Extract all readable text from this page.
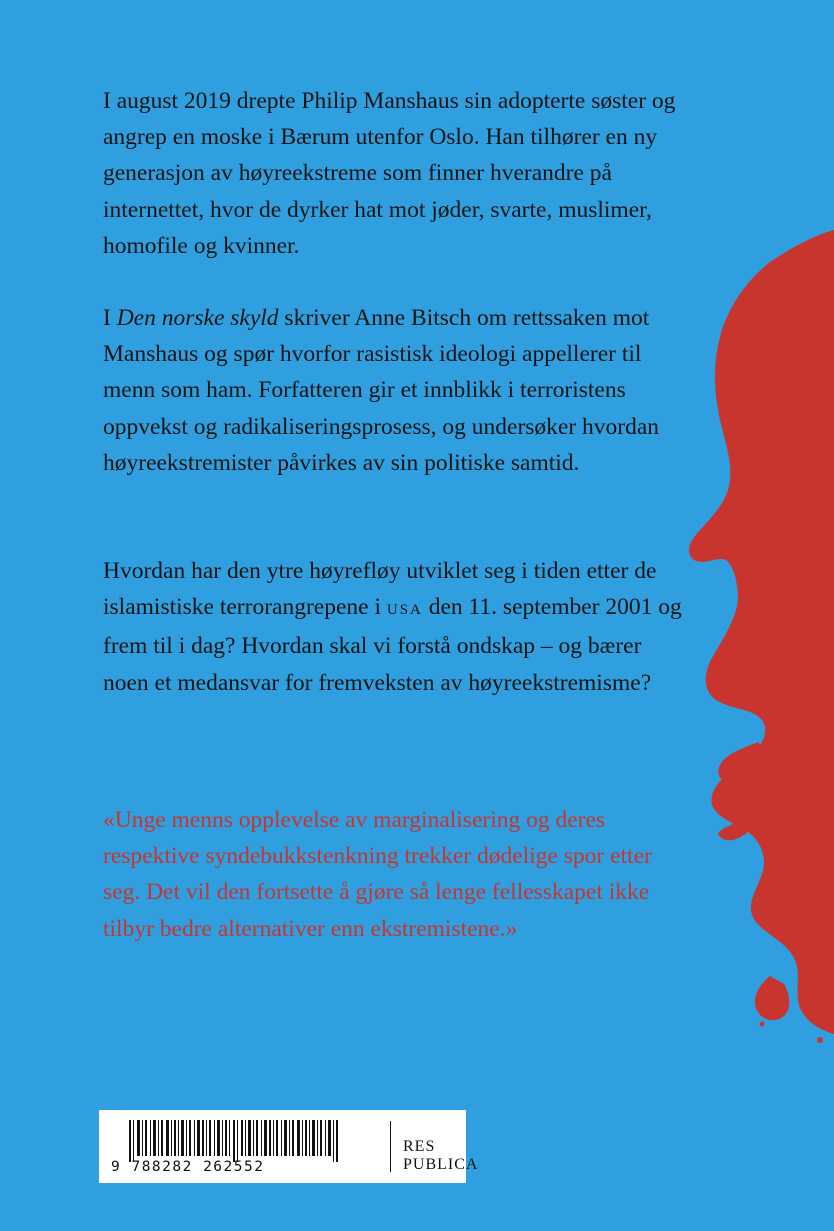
I august 2019 drepte Philip Manshaus sin adopterte søster og angrep en moske i Bærum utenfor Oslo. Han tilhører en ny generasjon av høyreekstreme som finner hverandre på internettet, hvor de dyrker hat mot jøder, svarte, muslimer, homofile og kvinner.

I Den norske skyld skriver Anne Bitsch om rettssaken mot Manshaus og spør hvorfor rasistisk ideologi appellerer til menn som ham. Forfatteren gir et innblikk i terroristens oppvekst og radikaliseringsprosess, og undersøker hvordan høyreekstremister påvirkes av sin politiske samtid.

Hvordan har den ytre høyrefløy utviklet seg i tiden etter de islamistiske terrorangrepene i USA den 11. september 2001 og frem til i dag? Hvordan skal vi forstå ondskap – og bærer noen et medansvar for fremveksten av høyreekstremisme?

«Unge menns opplevelse av marginalisering og deres respektive syndebukkstenkning trekker dødelige spor etter seg. Det vil den fortsette å gjøre så lenge fellesskapet ikke tilbyr bedre alternativer enn ekstremistene.»
9 788282 262552
RES PUBLICA
